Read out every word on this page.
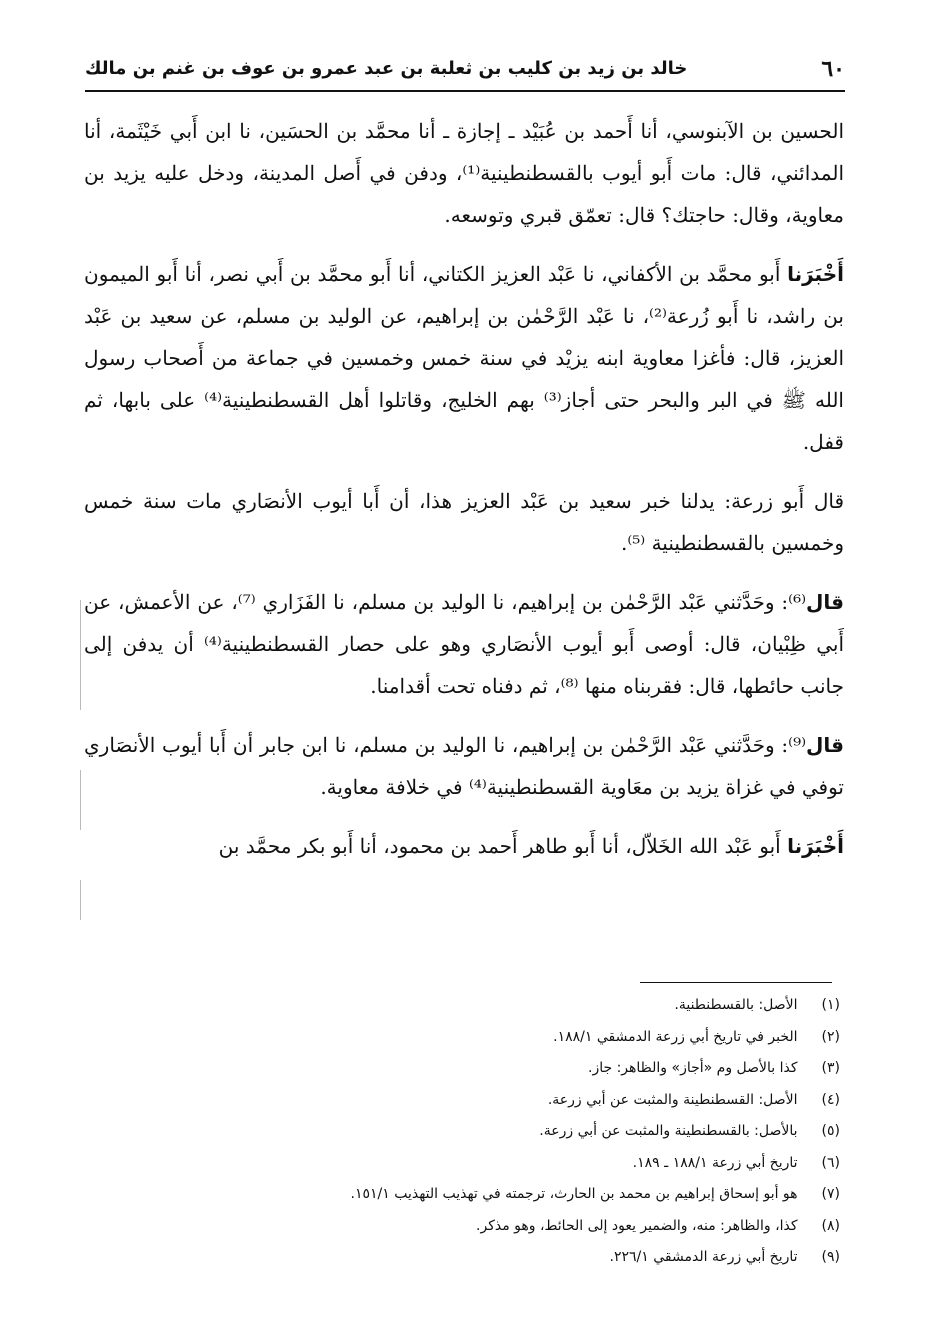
٦٠
خالد بن زيد بن كليب بن ثعلبة بن عبد عمرو بن عوف بن غنم بن مالك

الحسين بن الآبنوسي، أنا أَحمد بن عُبَيْد ـ إجازة ـ أنا محمَّد بن الحسَين، نا ابن أَبي خَيْثَمة، أنا المدائني، قال: مات أَبو أيوب بالقسطنطينية⁽¹⁾، ودفن في أَصل المدينة، ودخل عليه يزيد بن معاوية، وقال: حاجتك؟ قال: تعمّق قبري وتوسعه.

أَخْبَرَنا أَبو محمَّد بن الأكفاني، نا عَبْد العزيز الكتاني، أنا أَبو محمَّد بن أَبي نصر، أنا أَبو الميمون بن راشد، نا أَبو زُرعة⁽²⁾، نا عَبْد الرَّحْمٰن بن إبراهيم، عن الوليد بن مسلم، عن سعيد بن عَبْد العزيز، قال: فأغزا معاوية ابنه يزيْد في سنة خمس وخمسين في جماعة من أَصحاب رسول الله ﷺ في البر والبحر حتى أجاز⁽³⁾ بهم الخليج، وقاتلوا أهل القسطنطينية⁽⁴⁾ على بابها، ثم قفل.

قال أَبو زرعة: يدلنا خبر سعيد بن عَبْد العزيز هذا، أن أَبا أيوب الأنصَاري مات سنة خمس وخمسين بالقسطنطينية ⁽⁵⁾.

قال⁽⁶⁾: وحَدَّثني عَبْد الرَّحْمٰن بن إبراهيم، نا الوليد بن مسلم، نا الفَزَاري ⁽⁷⁾، عن الأعمش، عن أَبي ظِبْيان، قال: أوصى أَبو أيوب الأنصَاري وهو على حصار القسطنطينية⁽⁴⁾ أن يدفن إلى جانب حائطها، قال: فقربناه منها ⁽⁸⁾، ثم دفناه تحت أقدامنا.

قال⁽⁹⁾: وحَدَّثني عَبْد الرَّحْمٰن بن إبراهيم، نا الوليد بن مسلم، نا ابن جابر أن أَبا أيوب الأنصَاري توفي في غزاة يزيد بن معَاوية القسطنطينية⁽⁴⁾ في خلافة معاوية.

أَخْبَرَنا أَبو عَبْد الله الخَلاّل، أنا أَبو طاهر أَحمد بن محمود، أنا أَبو بكر محمَّد بن

(١) الأصل: بالقسطنطنية.
(٢) الخبر في تاريخ أبي زرعة الدمشقي ١٨٨/١.
(٣) كذا بالأصل وم «أجاز» والظاهر: جاز.
(٤) الأصل: القسطنطينة والمثبت عن أبي زرعة.
(٥) بالأصل: بالقسطنطينة والمثبت عن أبي زرعة.
(٦) تاريخ أبي زرعة ١٨٨/١ ـ ١٨٩.
(٧) هو أبو إسحاق إبراهيم بن محمد بن الحارث، ترجمته في تهذيب التهذيب ١٥١/١.
(٨) كذا، والظاهر: منه، والضمير يعود إلى الحائط، وهو مذكر.
(٩) تاريخ أبي زرعة الدمشقي ٢٢٦/١.
